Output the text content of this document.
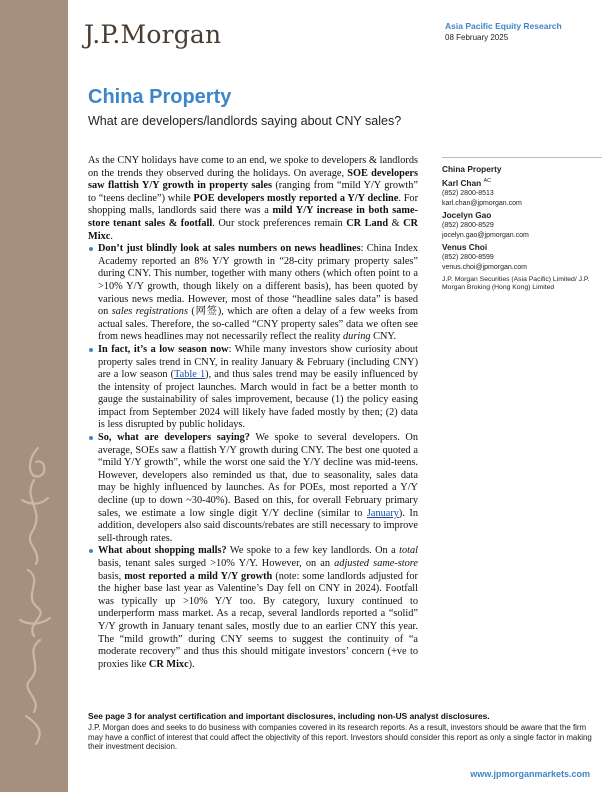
J.P.Morgan	Asia Pacific Equity Research
08 February 2025
China Property
What are developers/landlords saying about CNY sales?

As the CNY holidays have come to an end, we spoke to developers & landlords on the trends they observed during the holidays. On average, SOE developers saw flattish Y/Y growth in property sales (ranging from “mild Y/Y growth” to “teens decline”) while POE developers mostly reported a Y/Y decline. For shopping malls, landlords said there was a mild Y/Y increase in both same-store tenant sales & footfall. Our stock preferences remain CR Land & CR Mixc.

Don’t just blindly look at sales numbers on news headlines: China Index Academy reported an 8% Y/Y growth in “28-city primary property sales” during CNY. This number, together with many others (which often point to a >10% Y/Y growth, though likely on a different basis), has been quoted by various news media. However, most of those “headline sales data” is based on sales registrations (网签), which are often a delay of a few weeks from actual sales. Therefore, the so-called “CNY property sales” data we often see from news headlines may not necessarily reflect the reality during CNY.

In fact, it’s a low season now: While many investors show curiosity about property sales trend in CNY, in reality January & February (including CNY) are a low season (Table 1), and thus sales trend may be easily influenced by the intensity of project launches. March would in fact be a better month to gauge the sustainability of sales improvement, because (1) the policy easing impact from September 2024 will likely have faded mostly by then; (2) data is less disrupted by public holidays.

So, what are developers saying? We spoke to several developers. On average, SOEs saw a flattish Y/Y growth during CNY. The best one quoted a “mild Y/Y growth”, while the worst one said the Y/Y decline was mid-teens. However, developers also reminded us that, due to seasonality, sales data may be highly influenced by launches. As for POEs, most reported a Y/Y decline (up to down ~30-40%). Based on this, for overall February primary sales, we estimate a low single digit Y/Y decline (similar to January). In addition, developers also said discounts/rebates are still necessary to improve sell-through rates.

What about shopping malls? We spoke to a few key landlords. On a total basis, tenant sales surged >10% Y/Y. However, on an adjusted same-store basis, most reported a mild Y/Y growth (note: some landlords adjusted for the higher base last year as Valentine’s Day fell on CNY in 2024). Footfall was typically up >10% Y/Y too. By category, luxury continued to underperform mass market. As a recap, several landlords reported a “solid” Y/Y growth in January tenant sales, mostly due to an earlier CNY this year. The “mild growth” during CNY seems to suggest the continuity of “a moderate recovery” and thus this should mitigate investors’ concern (+ve to proxies like CR Mixc).

China Property
Karl Chan $^{AC}$
(852) 2800-8513
karl.chan@jpmorgan.com
Jocelyn Gao
(852) 2800-8529
jocelyn.gao@jpmorgan.com
Venus Choi
(852) 2800-8599
venus.choi@jpmorgan.com
J.P. Morgan Securities (Asia Pacific) Limited/ J.P. Morgan Broking (Hong Kong) Limited
See page 3 for analyst certification and important disclosures, including non-US analyst disclosures.
J.P. Morgan does and seeks to do business with companies covered in its research reports. As a result, investors should be aware that the firm may have a conflict of interest that could affect the objectivity of this report. Investors should consider this report as only a single factor in making their investment decision.
www.jpmorganmarkets.com
